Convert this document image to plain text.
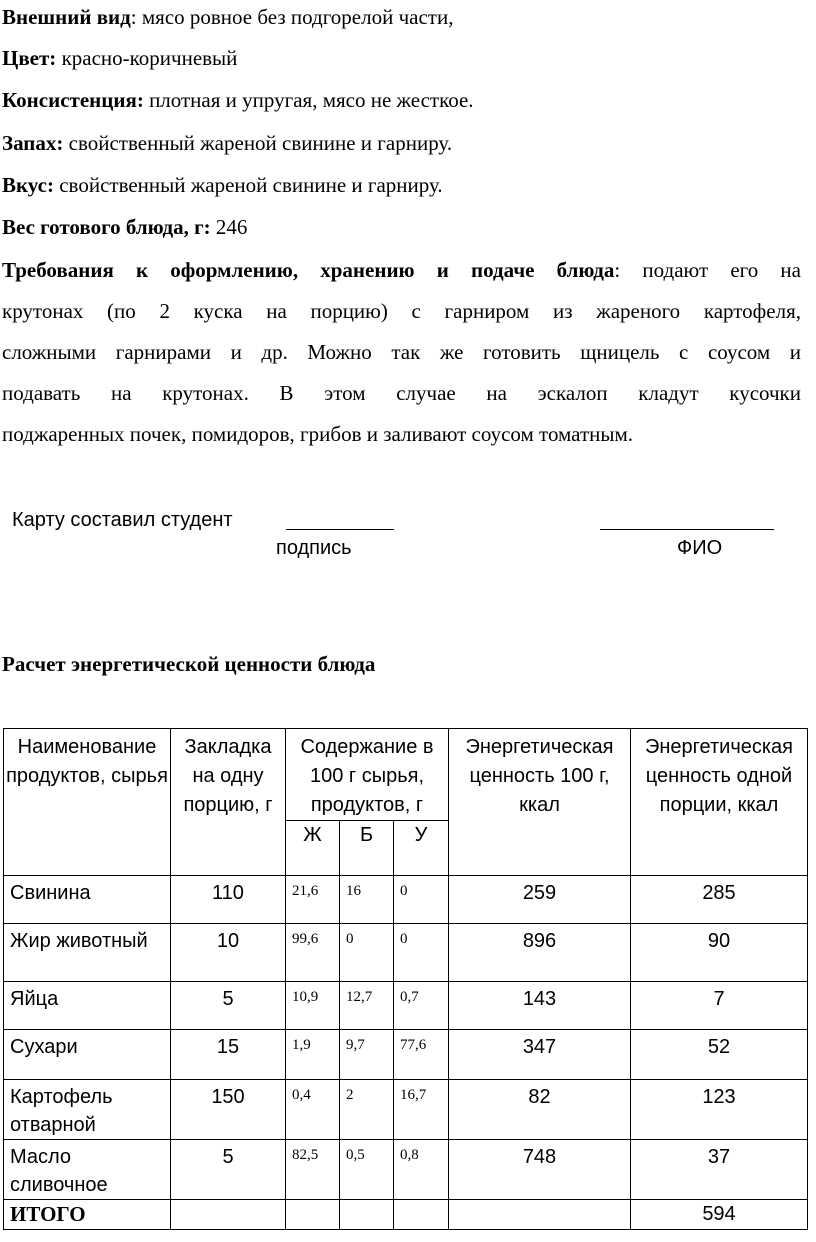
Внешний вид: мясо ровное без подгорелой части,
Цвет: красно-коричневый
Консистенция: плотная и упругая, мясо не жесткое.
Запах: свойственный жареной свинине и гарниру.
Вкус: свойственный жареной свинине и гарниру.
Вес готового блюда, г: 246
Требования к оформлению, хранению и подаче блюда: подают его на
крутонах (по 2 куска на порцию) с гарниром из жареного картофеля,
сложными гарнирами и др. Можно так же готовить щницель с соусом и
подавать на крутонах. В этом случае на эскалоп кладут кусочки
поджаренных почек, помидоров, грибов и заливают соусом томатным.
Карту составил студент
подпись	ФИО
Расчет энергетической ценности блюда
Наименование продуктов, сырья	Закладка на одну порцию, г	Содержание в 100 г сырья, продуктов, г			Энергетическая ценность 100 г, ккал	Энергетическая ценность одной порции, ккал
		Ж	Б	У		
Свинина	110	21,6	16	0	259	285
Жир животный	10	99,6	0	0	896	90
Яйца	5	10,9	12,7	0,7	143	7
Сухари	15	1,9	9,7	77,6	347	52
Картофель отварной	150	0,4	2	16,7	82	123
Масло сливочное	5	82,5	0,5	0,8	748	37
ИТОГО						594
